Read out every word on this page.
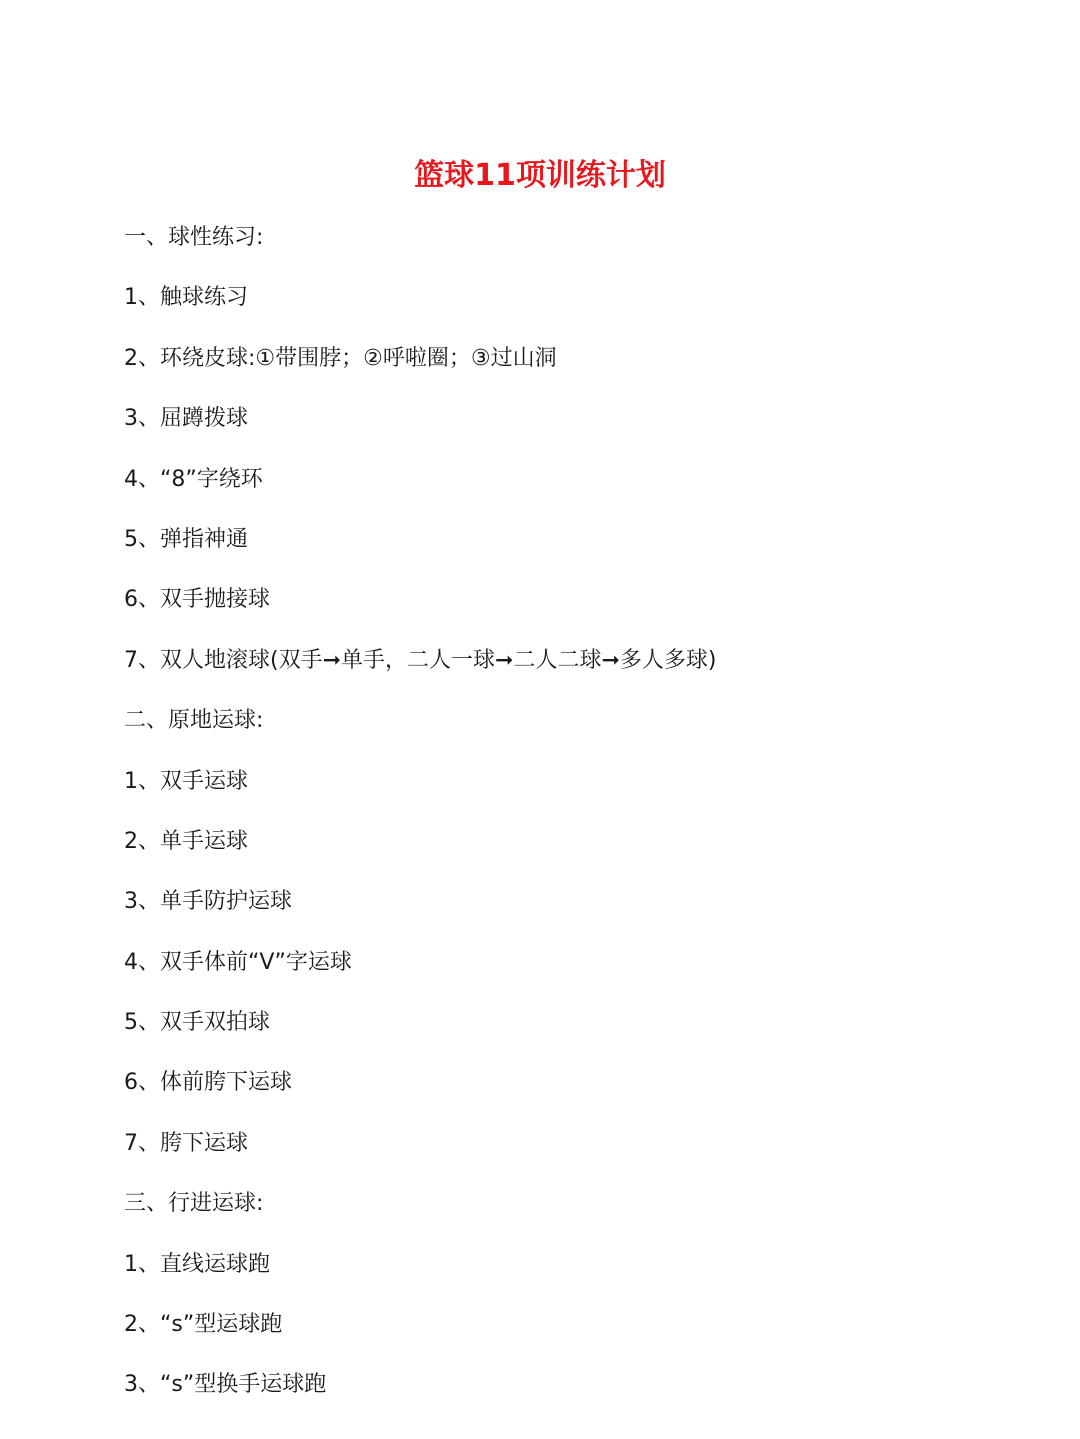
篮球11项训练计划
一、球性练习:
1、触球练习
2、环绕皮球:①带围脖；②呼啦圈；③过山洞
3、屈蹲拨球
4、“8”字绕环
5、弹指神通
6、双手抛接球
7、双人地滚球(双手➞单手，二人一球➞二人二球➞多人多球)
二、原地运球:
1、双手运球
2、单手运球
3、单手防护运球
4、双手体前“V”字运球
5、双手双拍球
6、体前胯下运球
7、胯下运球
三、行进运球:
1、直线运球跑
2、“s”型运球跑
3、“s”型换手运球跑
